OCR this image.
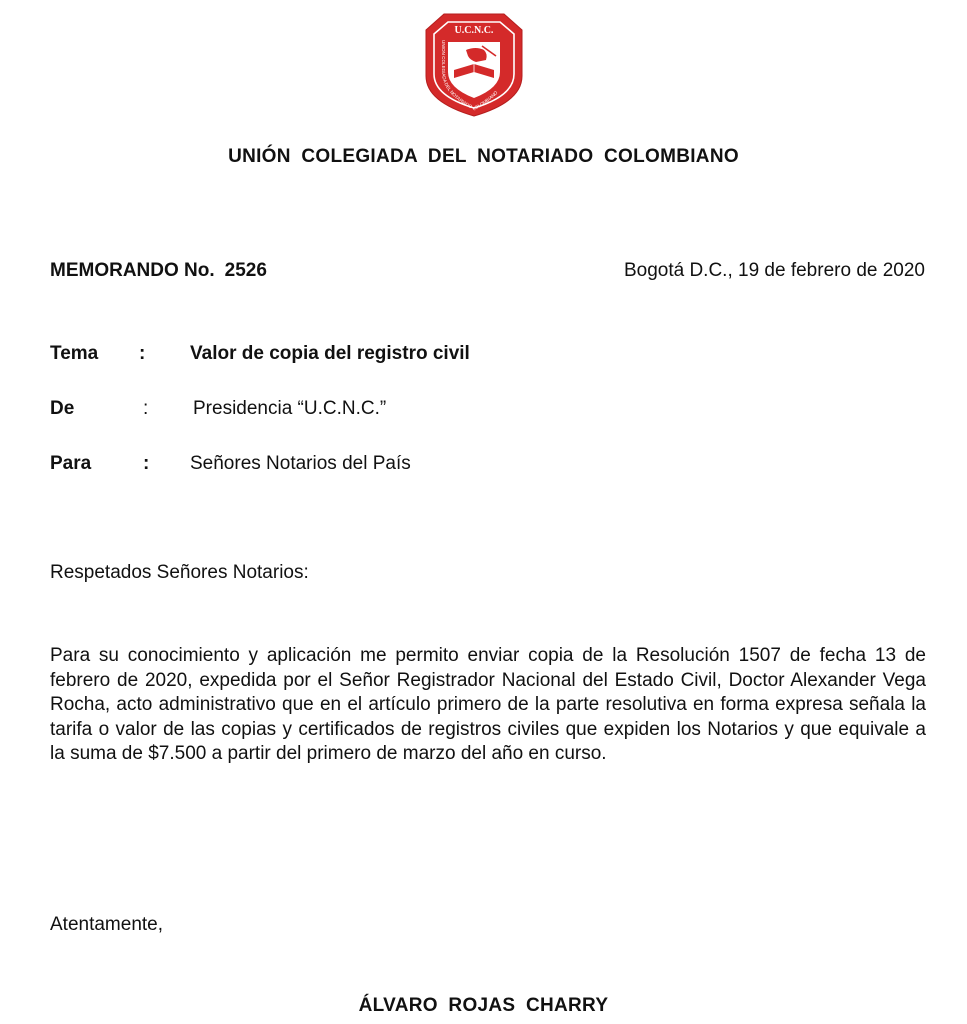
U.C.N.C.
UNION COLEGIADA DEL NOTARIADO COLOMBIANO
UNIÓN COLEGIADA DEL NOTARIADO COLOMBIANO
MEMORANDO No. 2526	Bogotá D.C., 19 de febrero de 2020
Tema : Valor de copia del registro civil
De	: Presidencia “U.C.N.C.”
Para	: Señores Notarios del País
Respetados Señores Notarios:

Para su conocimiento y aplicación me permito enviar copia de la Resolución 1507 de fecha 13 de febrero de 2020, expedida por el Señor Registrador Nacional del Estado Civil, Doctor Alexander Vega Rocha, acto administrativo que en el artículo primero de la parte resolutiva en forma expresa señala la tarifa o valor de las copias y certificados de registros civiles que expiden los Notarios y que equivale a la suma de $7.500 a partir del primero de marzo del año en curso.

Atentamente,
ÁLVARO ROJAS CHARRY
